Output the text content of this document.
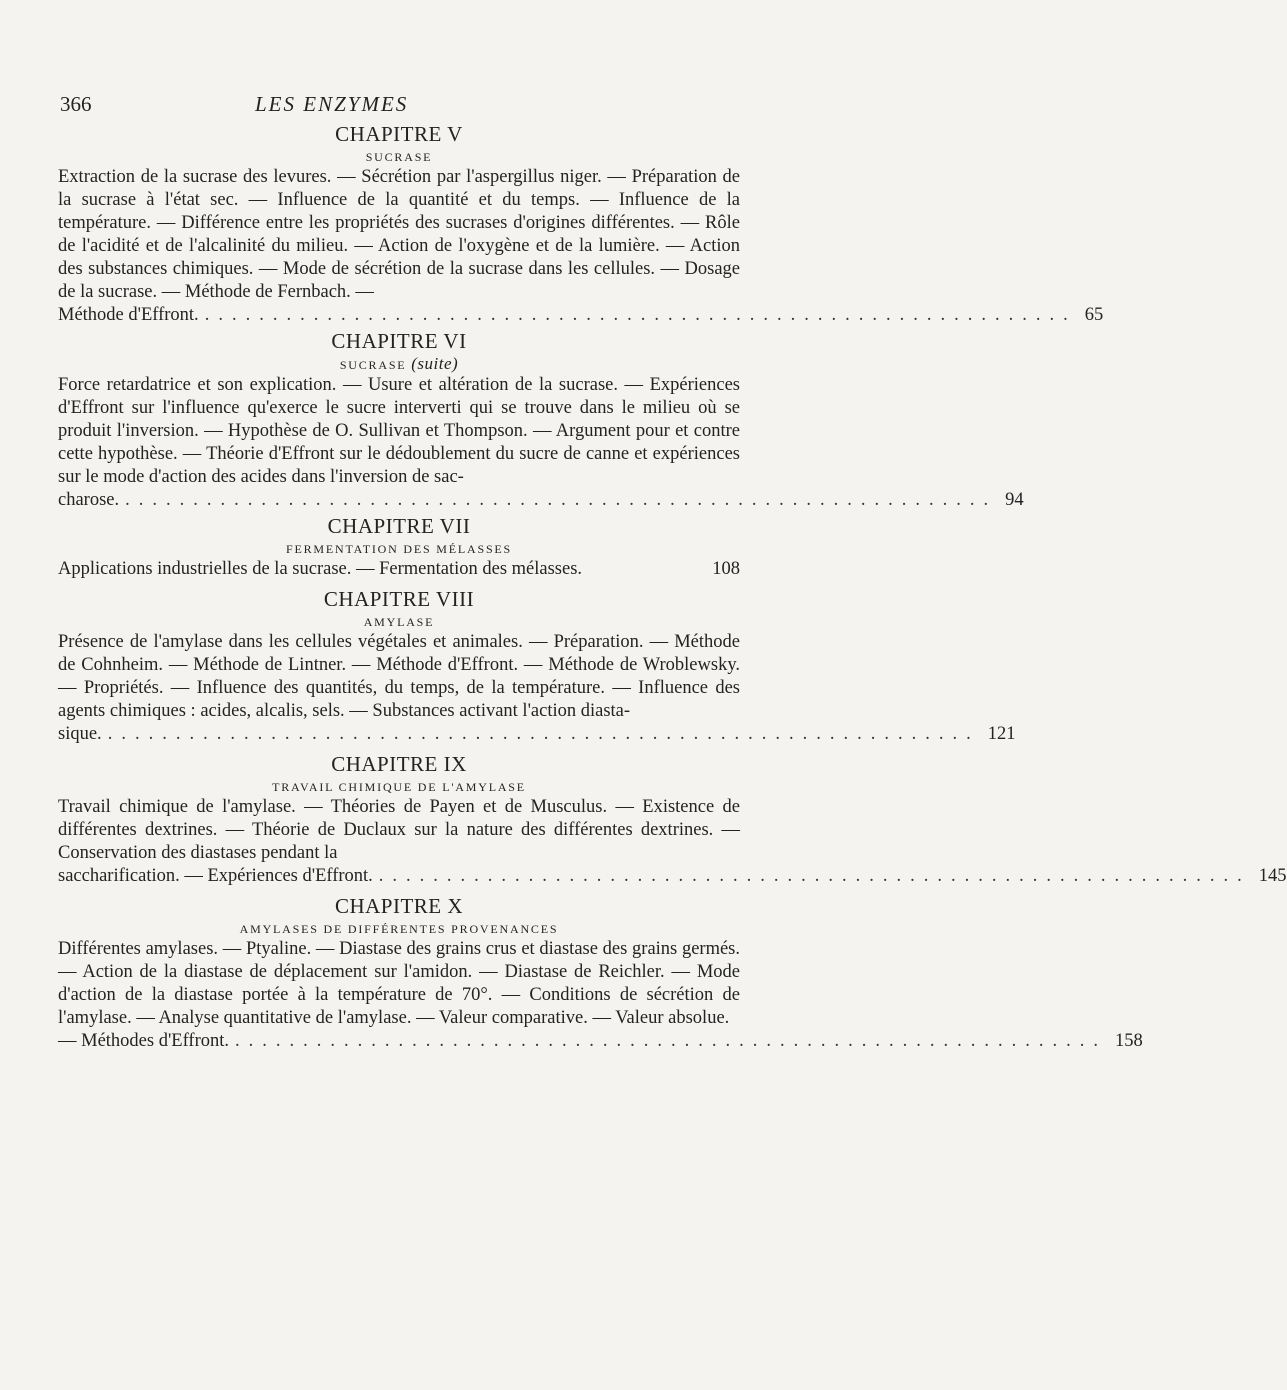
366	LES ENZYMES

CHAPITRE V

SUCRASE

Extraction de la sucrase des levures. — Sécrétion par l'aspergillus niger. — Préparation de la sucrase à l'état sec. — Influence de la quantité et du temps. — Influence de la température. — Différence entre les propriétés des sucrases d'origines différentes. — Rôle de l'acidité et de l'alcalinité du milieu. — Action de l'oxygène et de la lumière. — Action des substances chimiques. — Mode de sécrétion de la sucrase dans les cellules. — Dosage de la sucrase. — Méthode de Fernbach. —

Méthode d'Effront. ................................................................ 65

CHAPITRE VI

SUCRASE (suite)

Force retardatrice et son explication. — Usure et altération de la sucrase. — Expériences d'Effront sur l'influence qu'exerce le sucre interverti qui se trouve dans le milieu où se produit l'inversion. — Hypothèse de O. Sullivan et Thompson. — Argument pour et contre cette hypothèse. — Théorie d'Effront sur le dédoublement du sucre de canne et expériences sur le mode d'action des acides dans l'inversion de sac-

charose. ................................................................ 94

CHAPITRE VII

FERMENTATION DES MÉLASSES

Applications industrielles de la sucrase. — Fermentation des mélasses.	108

CHAPITRE VIII

AMYLASE

Présence de l'amylase dans les cellules végétales et animales. — Préparation. — Méthode de Cohnheim. — Méthode de Lintner. — Méthode d'Effront. — Méthode de Wroblewsky. — Propriétés. — Influence des quantités, du temps, de la température. — Influence des agents chimiques : acides, alcalis, sels. — Substances activant l'action diasta-

sique. ................................................................ 121

CHAPITRE IX

TRAVAIL CHIMIQUE DE L'AMYLASE

Travail chimique de l'amylase. — Théories de Payen et de Musculus. — Existence de différentes dextrines. — Théorie de Duclaux sur la nature des différentes dextrines. — Conservation des diastases pendant la

saccharification. — Expériences d'Effront. ................................................................ 145

CHAPITRE X

AMYLASES DE DIFFÉRENTES PROVENANCES

Différentes amylases. — Ptyaline. — Diastase des grains crus et diastase des grains germés. — Action de la diastase de déplacement sur l'amidon. — Diastase de Reichler. — Mode d'action de la diastase portée à la température de 70°. — Conditions de sécrétion de l'amylase. — Analyse quantitative de l'amylase. — Valeur comparative. — Valeur absolue.

— Méthodes d'Effront. ................................................................ 158
